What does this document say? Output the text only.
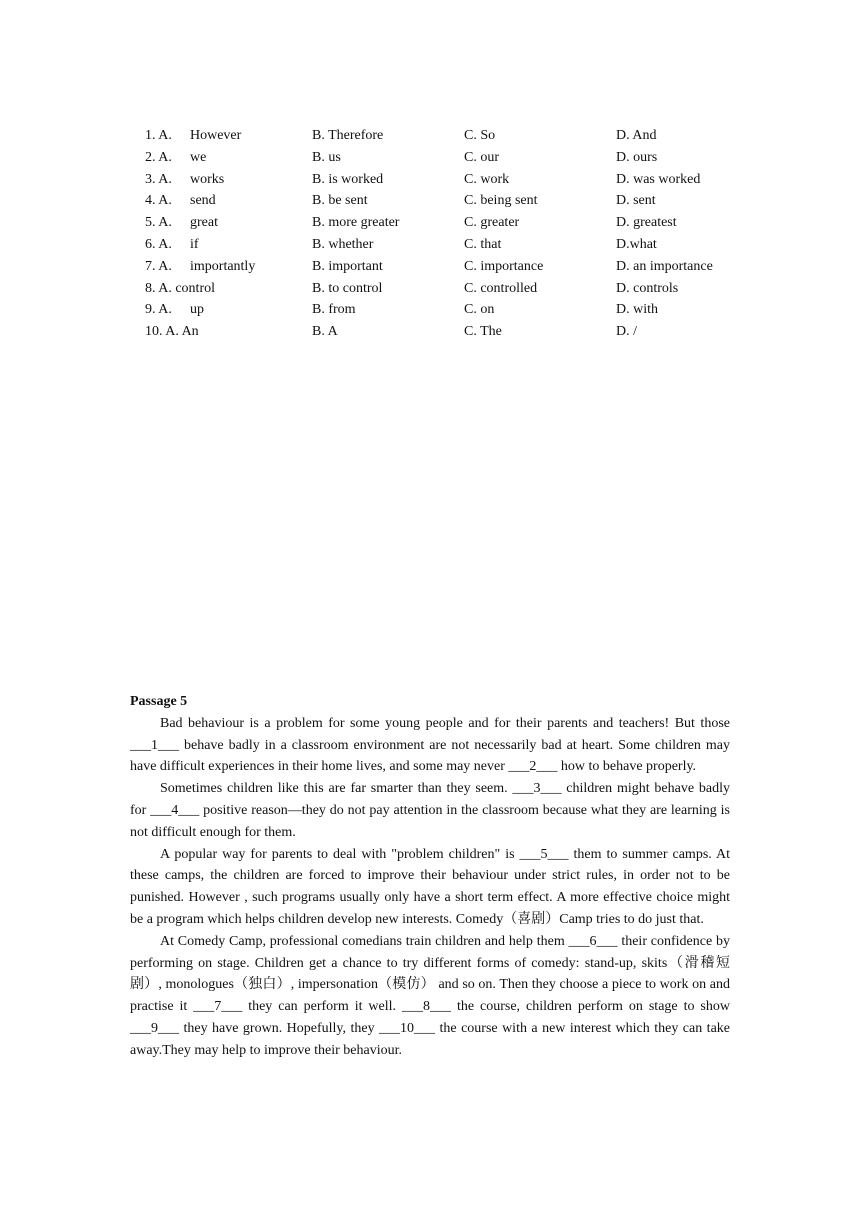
1. A. However	B. Therefore	C. So	D. And
2. A. we	B. us	C. our	D. ours
3. A. works	B. is worked	C. work	D. was worked
4. A. send	B. be sent	C. being sent	D. sent
5. A. great	B. more greater	C. greater	D. greatest
6. A. if	B. whether	C. that	D.what
7. A. importantly	B. important	C. importance	D. an importance
8. A. control	B. to control	C. controlled	D. controls
9. A. up	B. from	C. on	D. with
10. A. An	B. A	C. The	D. /
Passage 5

Bad behaviour is a problem for some young people and for their parents and teachers! But those ___1___ behave badly in a classroom environment are not necessarily bad at heart. Some children may have difficult experiences in their home lives, and some may never ___2___ how to behave properly.

Sometimes children like this are far smarter than they seem. ___3___ children might behave badly for ___4___ positive reason—they do not pay attention in the classroom because what they are learning is not difficult enough for them.

A popular way for parents to deal with "problem children" is ___5___ them to summer camps. At these camps, the children are forced to improve their behaviour under strict rules, in order not to be punished. However , such programs usually only have a short term effect. A more effective choice might be a program which helps children develop new interests. Comedy（喜剧）Camp tries to do just that.

At Comedy Camp, professional comedians train children and help them ___6___ their confidence by performing on stage. Children get a chance to try different forms of comedy: stand-up, skits（滑稽短剧）, monologues（独白）, impersonation（模仿） and so on. Then they choose a piece to work on and practise it ___7___ they can perform it well. ___8___ the course, children perform on stage to show ___9___ they have grown. Hopefully, they ___10___ the course with a new interest which they can take away.They may help to improve their behaviour.
